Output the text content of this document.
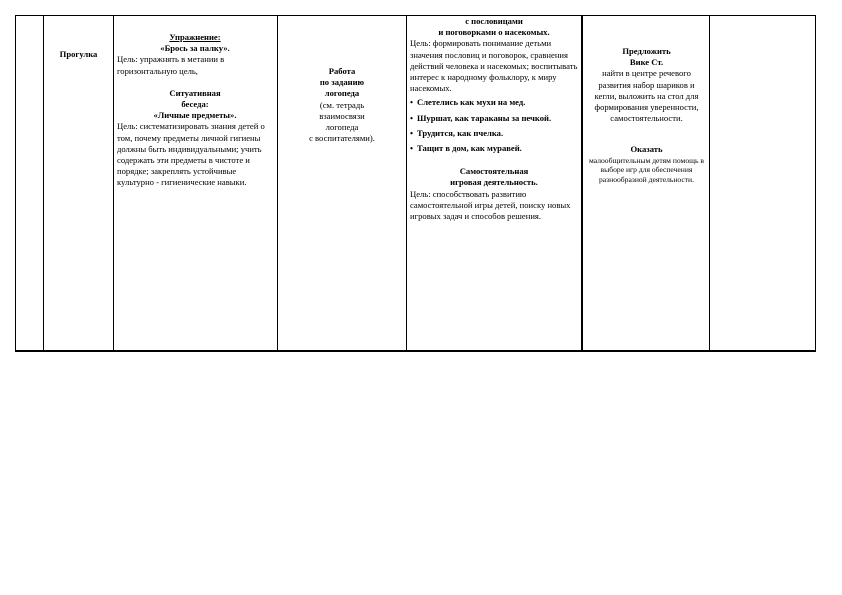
Прогулка

Упражнение:

«Брось за палку».

Цель: упражнять в метании в горизонтальную цель,

Ситуативная

беседа:

«Личные предметы».

Цель: систематизировать знания детей о том, почему предметы личной гигиены должны быть индивидуальными; учить содержать эти предметы в чистоте и порядке; закреплять устойчивые культурно - гигиенические навыки.

Работа

по заданию

логопеда

(см. тетрадь

взаимосвязи

логопеда

с воспитателями).

с пословицами

и поговорками о насекомых.

Цель: формировать понимание детьми значения пословиц и поговорок, сравнения действий человека и насекомых; воспитывать интерес к народному фольклору, к миру насекомых.

• Слетелись как мухи на мед.
• Шуршат, как тараканы за печкой.
• Трудится, как пчелка.
• Тащит в дом, как муравей.

Самостоятельная

игровая деятельность.

Цель: способствовать развитию самостоятельной игры детей, поиску новых игровых задач и способов решения.

Предложить

Вике Ст.

найти в центре речевого развития набор шариков и кегли, выложить на стол для формирования уверенности, самостоятельности.

Оказать

малообщительным детям помощь в выборе игр для обеспечения разнообразной деятельности.
